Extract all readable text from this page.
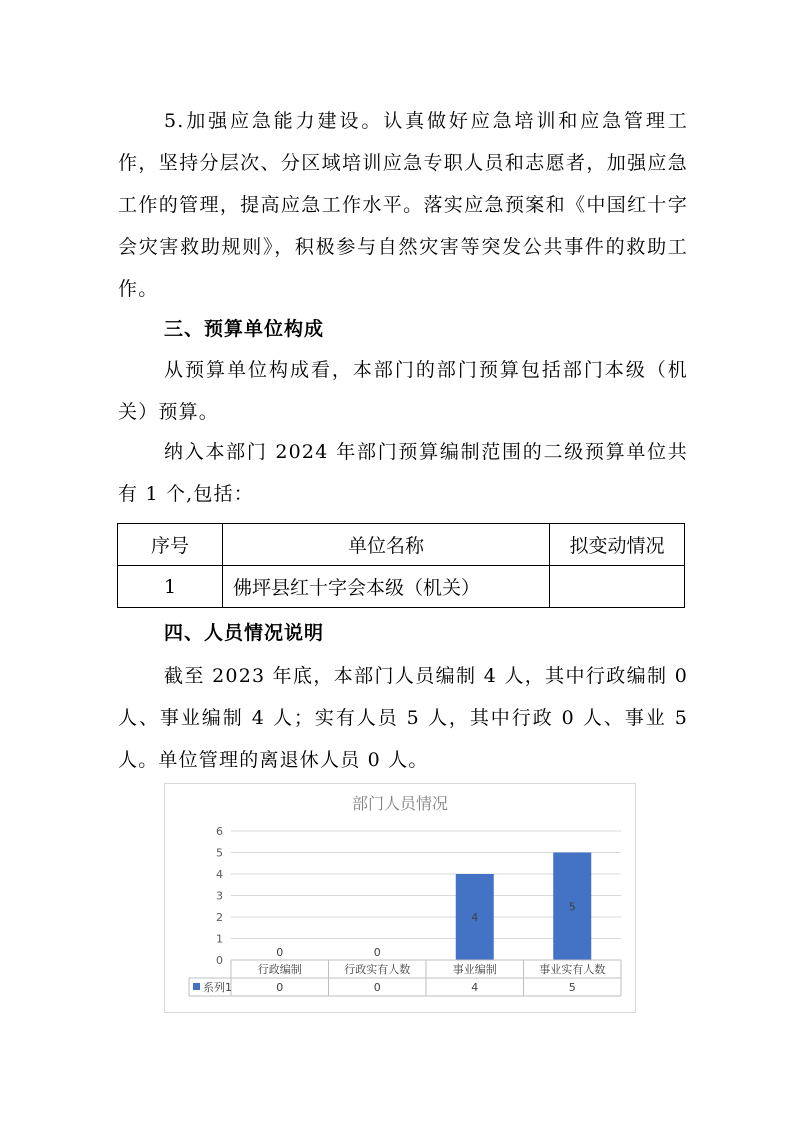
5.加强应急能力建设。认真做好应急培训和应急管理工作，坚持分层次、分区域培训应急专职人员和志愿者，加强应急工作的管理，提高应急工作水平。落实应急预案和《中国红十字会灾害救助规则》，积极参与自然灾害等突发公共事件的救助工作。

三、预算单位构成

从预算单位构成看，本部门的部门预算包括部门本级（机关）预算。

纳入本部门 2024 年部门预算编制范围的二级预算单位共有 1 个,包括：

序号	单位名称	拟变动情况
1	佛坪县红十字会本级（机关）	
四、人员情况说明

截至 2023 年底，本部门人员编制 4 人，其中行政编制 0 人、事业编制 4 人；实有人员 5 人，其中行政 0 人、事业 5 人。单位管理的离退休人员 0 人。

部门人员情况
0
1
2
3
4
5
6
0	0
4
5
行政编制	行政实有人数	事业编制	事业实有人数
0	0	4	5
系列1
